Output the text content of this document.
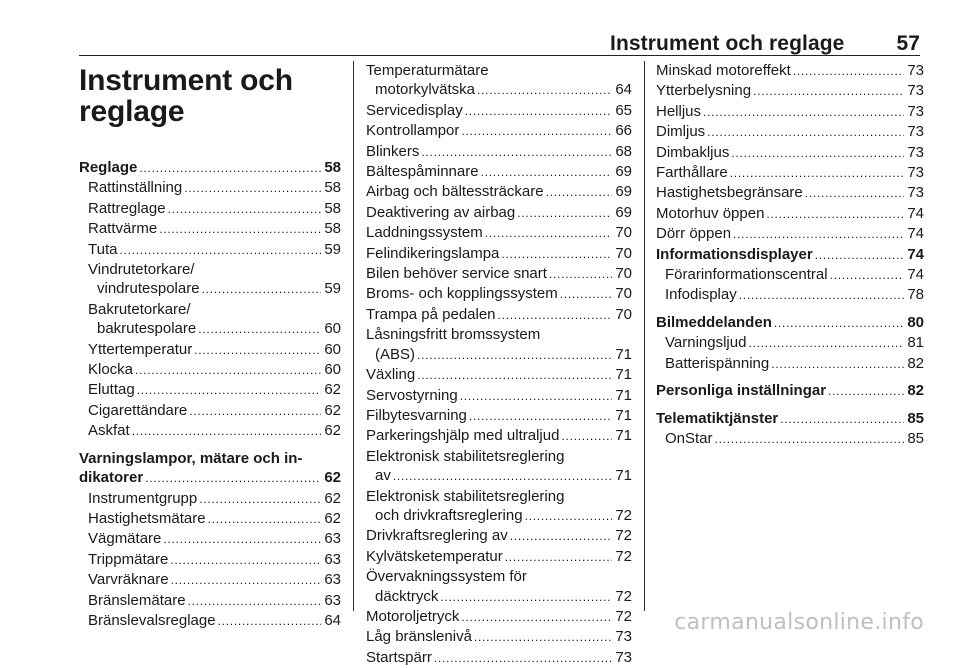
Instrument och reglage 57
Instrument och
reglage
Reglage . . .	58
Rattinställning . . .	58
Rattreglage . . .	58
Rattvärme . . .	58
Tuta . . .	59
Vindrutetorkare/
vindrutespolare . . .	59
Bakrutetorkare/
bakrutespolare . . .	60
Yttertemperatur . . .	60
Klocka . . .	60
Eluttag . . .	62
Cigarettändare . . .	62
Askfat . . .	62
Varningslampor, mätare och in-
dikatorer . . .	62
Instrumentgrupp . . .	62
Hastighetsmätare . . .	62
Vägmätare . . .	63
Trippmätare . . .	63
Varvräknare . . .	63
Bränslemätare . . .	63
Bränslevalsreglage . . .	64
Temperaturmätare
motorkylvätska . . .	64
Servicedisplay . . .	65
Kontrollampor . . .	66
Blinkers . . .	68
Bältespåminnare . . .	69
Airbag och bältessträckare . . .	69
Deaktivering av airbag . . .	69
Laddningssystem . . .	70
Felindikeringslampa . . .	70
Bilen behöver service snart . . .	70
Broms- och kopplingssystem . . .	70
Trampa på pedalen . . .	70
Låsningsfritt bromssystem
(ABS) . . .	71
Växling . . .	71
Servostyrning . . .	71
Filbytesvarning . . .	71
Parkeringshjälp med ultraljud . . .	71
Elektronisk stabilitetsreglering
av . . .	71
Elektronisk stabilitetsreglering
och drivkraftsreglering . . .	72
Drivkraftsreglering av . . .	72
Kylvätsketemperatur . . .	72
Övervakningssystem för
däcktryck . . .	72
Motoroljetryck . . .	72
Låg bränslenivå . . .	73
Startspärr . . .	73
Minskad motoreffekt . . .	73
Ytterbelysning . . .	73
Helljus . . .	73
Dimljus . . .	73
Dimbakljus . . .	73
Farthållare . . .	73
Hastighetsbegränsare . . .	73
Motorhuv öppen . . .	74
Dörr öppen . . .	74
Informationsdisplayer . . .	74
Förarinformationscentral . . .	74
Infodisplay . . .	78
Bilmeddelanden . . .	80
Varningsljud . . .	81
Batterispänning . . .	82
Personliga inställningar . . .	82
Telematiktjänster . . .	85
OnStar . . .	85
carmanualsonline.info
